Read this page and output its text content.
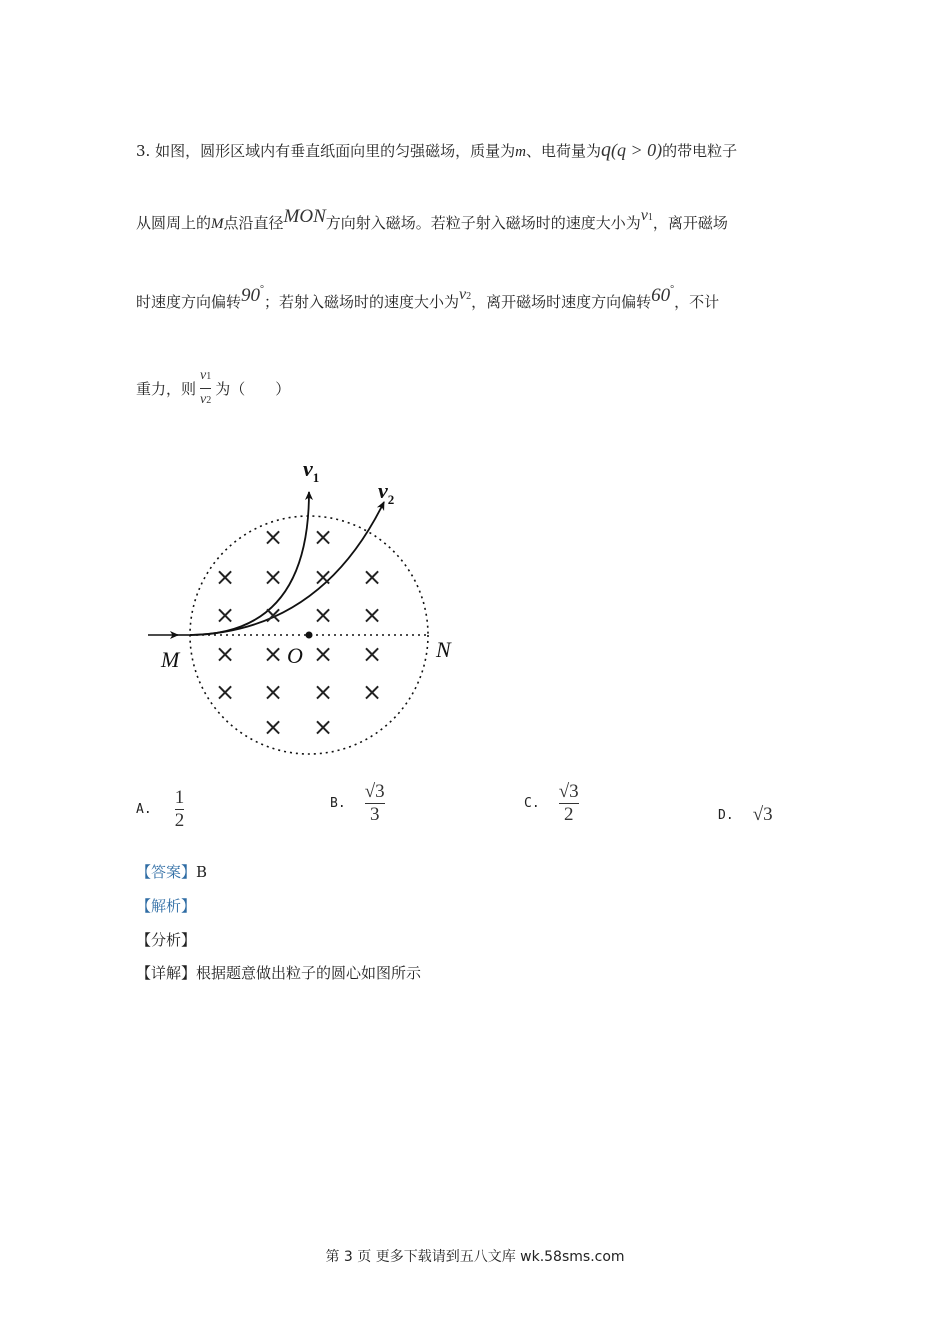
3. 如图，圆形区域内有垂直纸面向里的匀强磁场，质量为m、电荷量为q(q > 0)的带电粒子
从圆周上的M点沿直径MON方向射入磁场。若粒子射入磁场时的速度大小为v1，离开磁场
时速度方向偏转90°；若射入磁场时的速度大小为v2，离开磁场时速度方向偏转60°，不计
重力，则 $\frac{v1}{v2}$ 为（　　）
× ×
× × × ×
× × × ×
× × × ×
× × × ×
× ×
$v_1$
$v_2$
M	O	N
A. $\frac{1}{2}$	B. $\frac{√3}{3}$	C. $\frac{√3}{2}$	D. √3
【答案】B
【解析】
【分析】
【详解】根据题意做出粒子的圆心如图所示
第 3 页 更多下载请到五八文库 wk.58sms.com
